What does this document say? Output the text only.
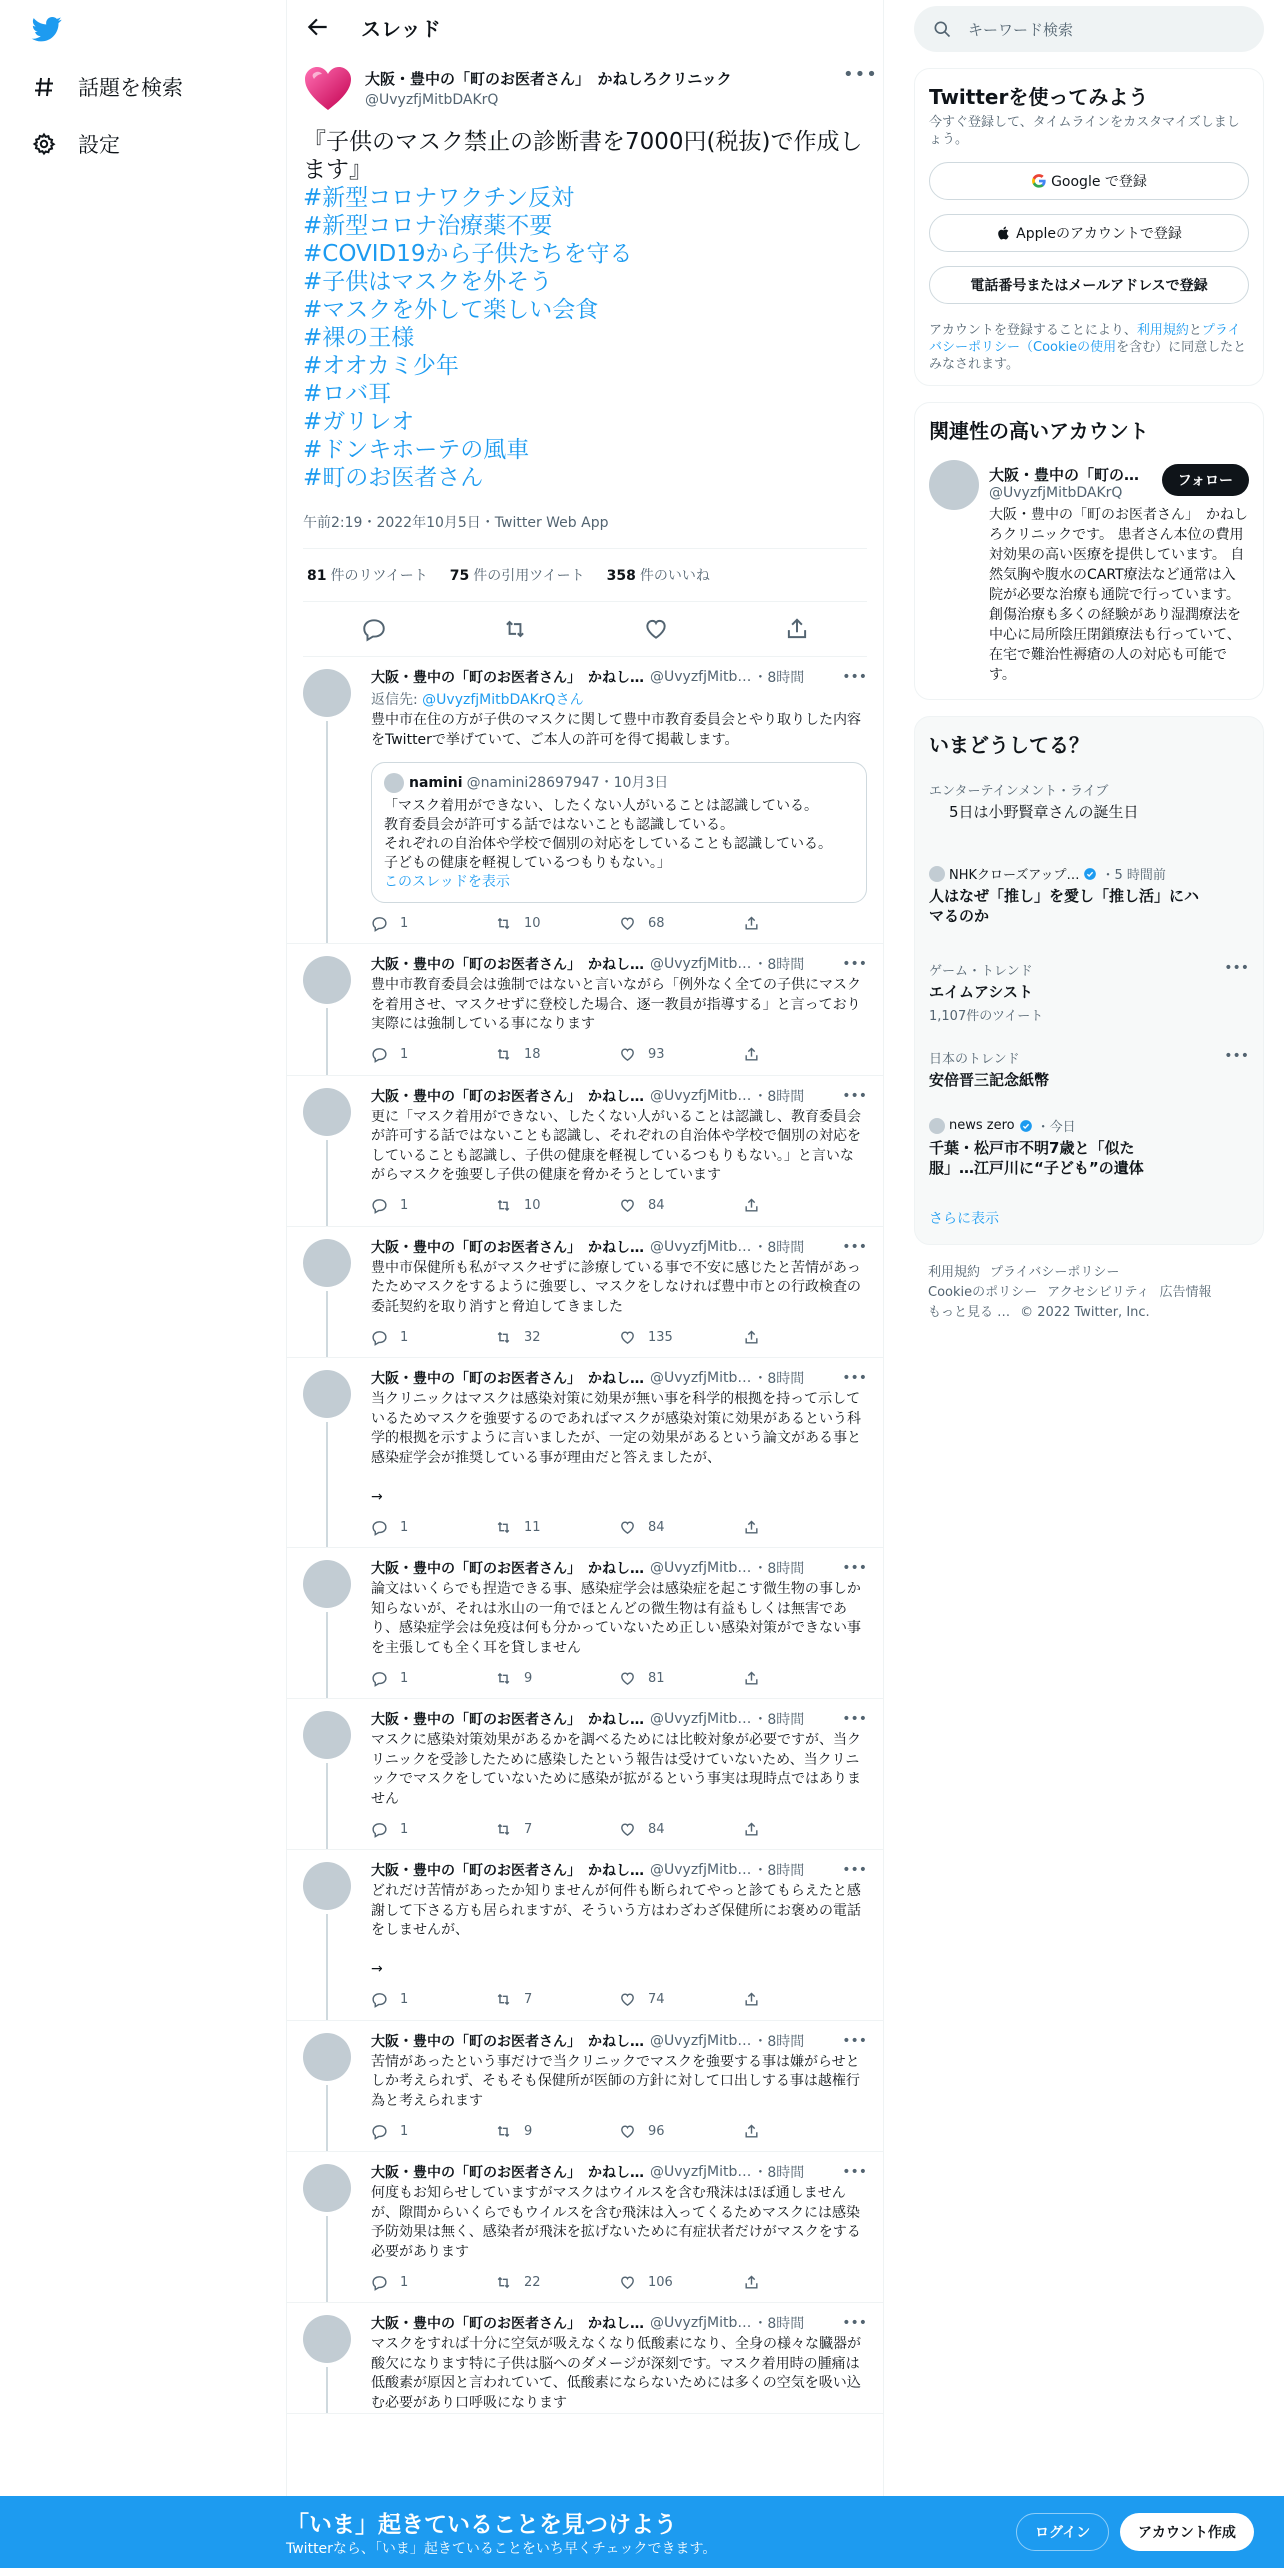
話題を検索
設定
スレッド
大阪・豊中の「町のお医者さん」　かねしろクリニック
@UvyzfjMitbDAKrQ
•••
『子供のマスク禁止の診断書を7000円(税抜)で作成します』
#新型コロナワクチン反対
#新型コロナ治療薬不要
#COVID19から子供たちを守る
#子供はマスクを外そう
#マスクを外して楽しい会食
#裸の王様
#オオカミ少年
#ロバ耳
#ガリレオ
#ドンキホーテの風車
#町のお医者さん
午前2:19・2022年10月5日・Twitter Web App
81 件のリツイート 75 件の引用ツイート 358 件のいいね
大阪・豊中の「町のお医者さん」　かねし… @UvyzfjMitb… ・8時間	•••
返信先: @UvyzfjMitbDAKrQさん
豊中市在住の方が子供のマスクに関して豊中市教育委員会とやり取りした内容をTwitterで挙げていて、ご本人の許可を得て掲載します。
namini @namini28697947 ・10月3日
「マスク着用ができない、したくない人がいることは認識している。
教育委員会が許可する話ではないことも認識している。
それぞれの自治体や学校で個別の対応をしていることも認識している。
子どもの健康を軽視しているつもりもない。」
このスレッドを表示
1	10	68
大阪・豊中の「町のお医者さん」　かねし… @UvyzfjMitb… ・8時間	•••
豊中市教育委員会は強制ではないと言いながら「例外なく全ての子供にマスクを着用させ、マスクせずに登校した場合、逐一教員が指導する」と言っており実際には強制している事になります
1	18	93
大阪・豊中の「町のお医者さん」　かねし… @UvyzfjMitb… ・8時間	•••
更に「マスク着用ができない、したくない人がいることは認識し、教育委員会が許可する話ではないことも認識し、それぞれの自治体や学校で個別の対応をしていることも認識し、子供の健康を軽視しているつもりもない。」と言いながらマスクを強要し子供の健康を脅かそうとしています
1	10	84
大阪・豊中の「町のお医者さん」　かねし… @UvyzfjMitb… ・8時間	•••
豊中市保健所も私がマスクせずに診療している事で不安に感じたと苦情があったためマスクをするように強要し、マスクをしなければ豊中市との行政検査の委託契約を取り消すと脅迫してきました
1	32	135
大阪・豊中の「町のお医者さん」　かねし… @UvyzfjMitb… ・8時間	•••
当クリニックはマスクは感染対策に効果が無い事を科学的根拠を持って示しているためマスクを強要するのであればマスクが感染対策に効果があるという科学的根拠を示すように言いましたが、一定の効果があるという論文がある事と感染症学会が推奨している事が理由だと答えましたが、

→
1	11	84
大阪・豊中の「町のお医者さん」　かねし… @UvyzfjMitb… ・8時間	•••
論文はいくらでも捏造できる事、感染症学会は感染症を起こす微生物の事しか知らないが、それは氷山の一角でほとんどの微生物は有益もしくは無害であり、感染症学会は免疫は何も分かっていないため正しい感染対策ができない事を主張しても全く耳を貸しません
1	9	81
大阪・豊中の「町のお医者さん」　かねし… @UvyzfjMitb… ・8時間	•••
マスクに感染対策効果があるかを調べるためには比較対象が必要ですが、当クリニックを受診したために感染したという報告は受けていないため、当クリニックでマスクをしていないために感染が拡がるという事実は現時点ではありません
1	7	84
大阪・豊中の「町のお医者さん」　かねし… @UvyzfjMitb… ・8時間	•••
どれだけ苦情があったか知りませんが何件も断られてやっと診てもらえたと感謝して下さる方も居られますが、そういう方はわざわざ保健所にお褒めの電話をしませんが、

→
1	7	74
大阪・豊中の「町のお医者さん」　かねし… @UvyzfjMitb… ・8時間	•••
苦情があったという事だけで当クリニックでマスクを強要する事は嫌がらせとしか考えられず、そもそも保健所が医師の方針に対して口出しする事は越権行為と考えられます
1	9	96
大阪・豊中の「町のお医者さん」　かねし… @UvyzfjMitb… ・8時間	•••
何度もお知らせしていますがマスクはウイルスを含む飛沫はほぼ通しませんが、隙間からいくらでもウイルスを含む飛沫は入ってくるためマスクには感染予防効果は無く、感染者が飛沫を拡げないために有症状者だけがマスクをする必要があります
1	22	106
大阪・豊中の「町のお医者さん」　かねし… @UvyzfjMitb… ・8時間	•••
マスクをすれば十分に空気が吸えなくなり低酸素になり、全身の様々な臓器が酸欠になります特に子供は脳へのダメージが深刻です。マスク着用時の腫痛は低酸素が原因と言われていて、低酸素にならないためには多くの空気を吸い込む必要があり口呼吸になります
キーワード検索
Twitterを使ってみよう
今すぐ登録して、タイムラインをカスタマイズしましょう。
Google で登録
Appleのアカウントで登録
電話番号またはメールアドレスで登録
アカウントを登録することにより、利用規約とプライバシーポリシー（Cookieの使用を含む）に同意したとみなされます。
関連性の高いアカウント
大阪・豊中の「町の…
@UvyzfjMitbDAKrQ
フォロー
大阪・豊中の「町のお医者さん」　かねしろクリニックです。 患者さん本位の費用対効果の高い医療を提供しています。 自然気胸や腹水のCART療法など通常は入院が必要な治療も通院で行っています。 創傷治療も多くの経験があり湿潤療法を中心に局所陰圧閉鎖療法も行っていて、在宅で難治性褥瘡の人の対応も可能です。
いまどうしてる？
エンターテインメント・ライブ
5日は小野賢章さんの誕生日
NHKクローズアップ… ・5 時間前
人はなぜ「推し」を愛し「推し活」にハマるのか
ゲーム・トレンド
エイムアシスト
1,107件のツイート
•••
日本のトレンド
安倍晋三記念紙幣
•••
news zero ・今日
千葉・松戸市不明7歳と「似た服」…江戸川に“子ども”の遺体
さらに表示
利用規約 プライバシーポリシー
Cookieのポリシー アクセシビリティ 広告情報
もっと見る … © 2022 Twitter, Inc.
「いま」起きていることを見つけよう
Twitterなら、「いま」起きていることをいち早くチェックできます。
ログイン	アカウント作成
